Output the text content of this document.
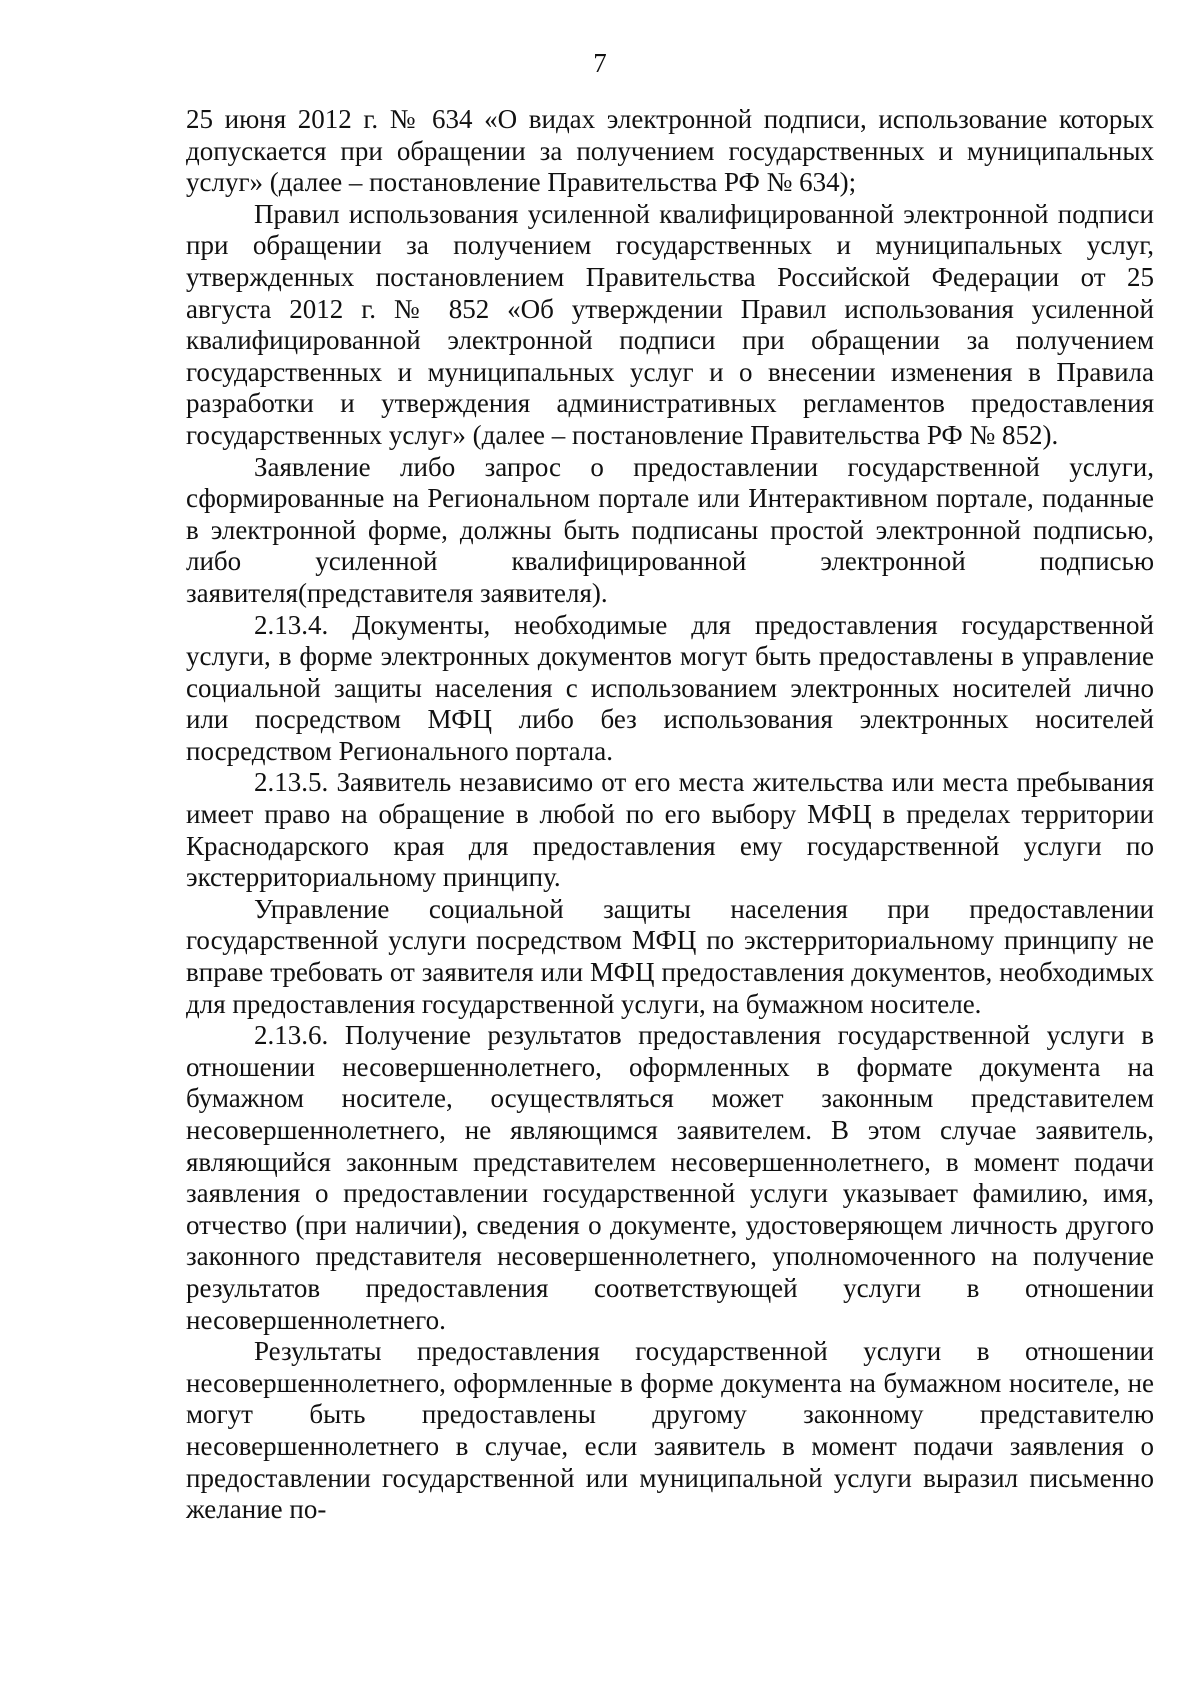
7

25 июня 2012 г. № 634 «О видах электронной подписи, использование которых допускается при обращении за получением государственных и муниципальных услуг» (далее – постановление Правительства РФ № 634);

Правил использования усиленной квалифицированной электронной подписи при обращении за получением государственных и муниципальных услуг, утвержденных постановлением Правительства Российской Федерации от 25 августа 2012 г. № 852 «Об утверждении Правил использования усиленной квалифицированной электронной подписи при обращении за получением государственных и муниципальных услуг и о внесении изменения в Правила разработки и утверждения административных регламентов предоставления государственных услуг» (далее – постановление Правительства РФ № 852).

Заявление либо запрос о предоставлении государственной услуги, сформированные на Региональном портале или Интерактивном портале, поданные в электронной форме, должны быть подписаны простой электронной подписью, либо усиленной квалифицированной электронной подписью заявителя(представителя заявителя).

2.13.4. Документы, необходимые для предоставления государственной услуги, в форме электронных документов могут быть предоставлены в управление социальной защиты населения с использованием электронных носителей лично или посредством МФЦ либо без использования электронных носителей посредством Регионального портала.

2.13.5. Заявитель независимо от его места жительства или места пребывания имеет право на обращение в любой по его выбору МФЦ в пределах территории Краснодарского края для предоставления ему государственной услуги по экстерриториальному принципу.

Управление социальной защиты населения при предоставлении государственной услуги посредством МФЦ по экстерриториальному принципу не вправе требовать от заявителя или МФЦ предоставления документов, необходимых для предоставления государственной услуги, на бумажном носителе.

2.13.6. Получение результатов предоставления государственной услуги в отношении несовершеннолетнего, оформленных в формате документа на бумажном носителе, осуществляться может законным представителем несовершеннолетнего, не являющимся заявителем. В этом случае заявитель, являющийся законным представителем несовершеннолетнего, в момент подачи заявления о предоставлении государственной услуги указывает фамилию, имя, отчество (при наличии), сведения о документе, удостоверяющем личность другого законного представителя несовершеннолетнего, уполномоченного на получение результатов предоставления соответствующей услуги в отношении несовершеннолетнего.

Результаты предоставления государственной услуги в отношении несовершеннолетнего, оформленные в форме документа на бумажном носителе, не могут быть предоставлены другому законному представителю несовершеннолетнего в случае, если заявитель в момент подачи заявления о предоставлении государственной или муниципальной услуги выразил письменно желание по-
